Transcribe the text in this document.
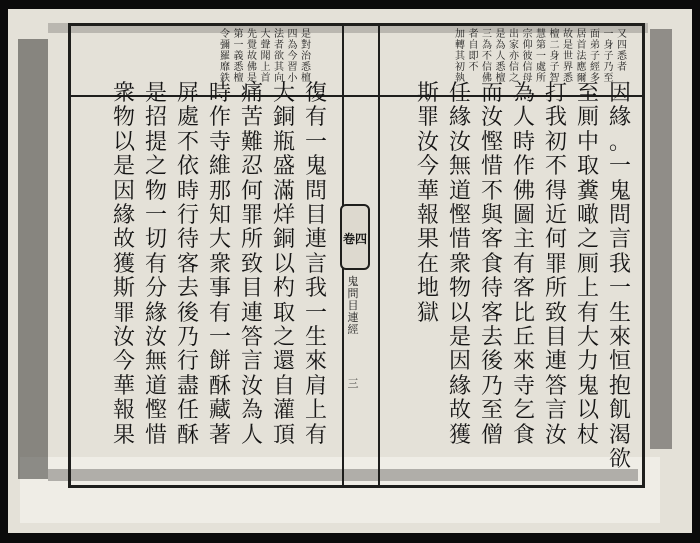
因
緣
。
一
鬼
問
言
我
一
生
來
恒
抱
飢
渴
欲
至
厠
中
取
糞
噉
之
厠
上
有
大
力
鬼
以
杖
打
我
初
不
得
近
何
罪
所
致
目
連
答
言
汝
為
人
時
作
佛
圖
主
有
客
比
丘
來
寺
乞
食
而
汝
慳
惜
不
與
客
食
待
客
去
後
乃
至
僧
任
緣
汝
無
道
慳
惜
衆
物
以
是
因
緣
故
獲
斯
罪
汝
今
華
報
果
在
地
獄
復
有
一
鬼
問
目
連
言
我
一
生
來
肩
上
有
大
銅
瓶
盛
滿
烊
銅
以
杓
取
之
還
自
灌
頂
痛
苦
難
忍
何
罪
所
致
目
連
答
言
汝
為
人
時
作
寺
維
那
知
大
衆
事
有
一
餅
酥
藏
著
屏
處
不
依
時
行
待
客
去
後
乃
行
盡
任
酥
是
招
提
之
物
一
切
有
分
緣
汝
無
道
慳
惜
衆
物
以
是
因
緣
故
獲
斯
罪
汝
今
華
報
果
又
四
悉
者
一
身
子
乃
至
面
弟
子
經
多
居
首
法
應
爾
故
是
世
界
悉
檀
二
身
子
智
慧
第
一
處
所
宗
仰
彼
信
母
出
家
亦
信
之
是
為
人
悉
檀
三
為
不
信
佛
者
自
即
不
加
轉
其
初
執
是
對
治
悉
檀
四
為
今
習
小
法
者
欲
其
向
大
聲
聞
上
首
先
覺
故
佛
是
第
一
義
悉
檀
令
彌
羅
靡
鉄
卷四
鬼
問
目
連
經
三
